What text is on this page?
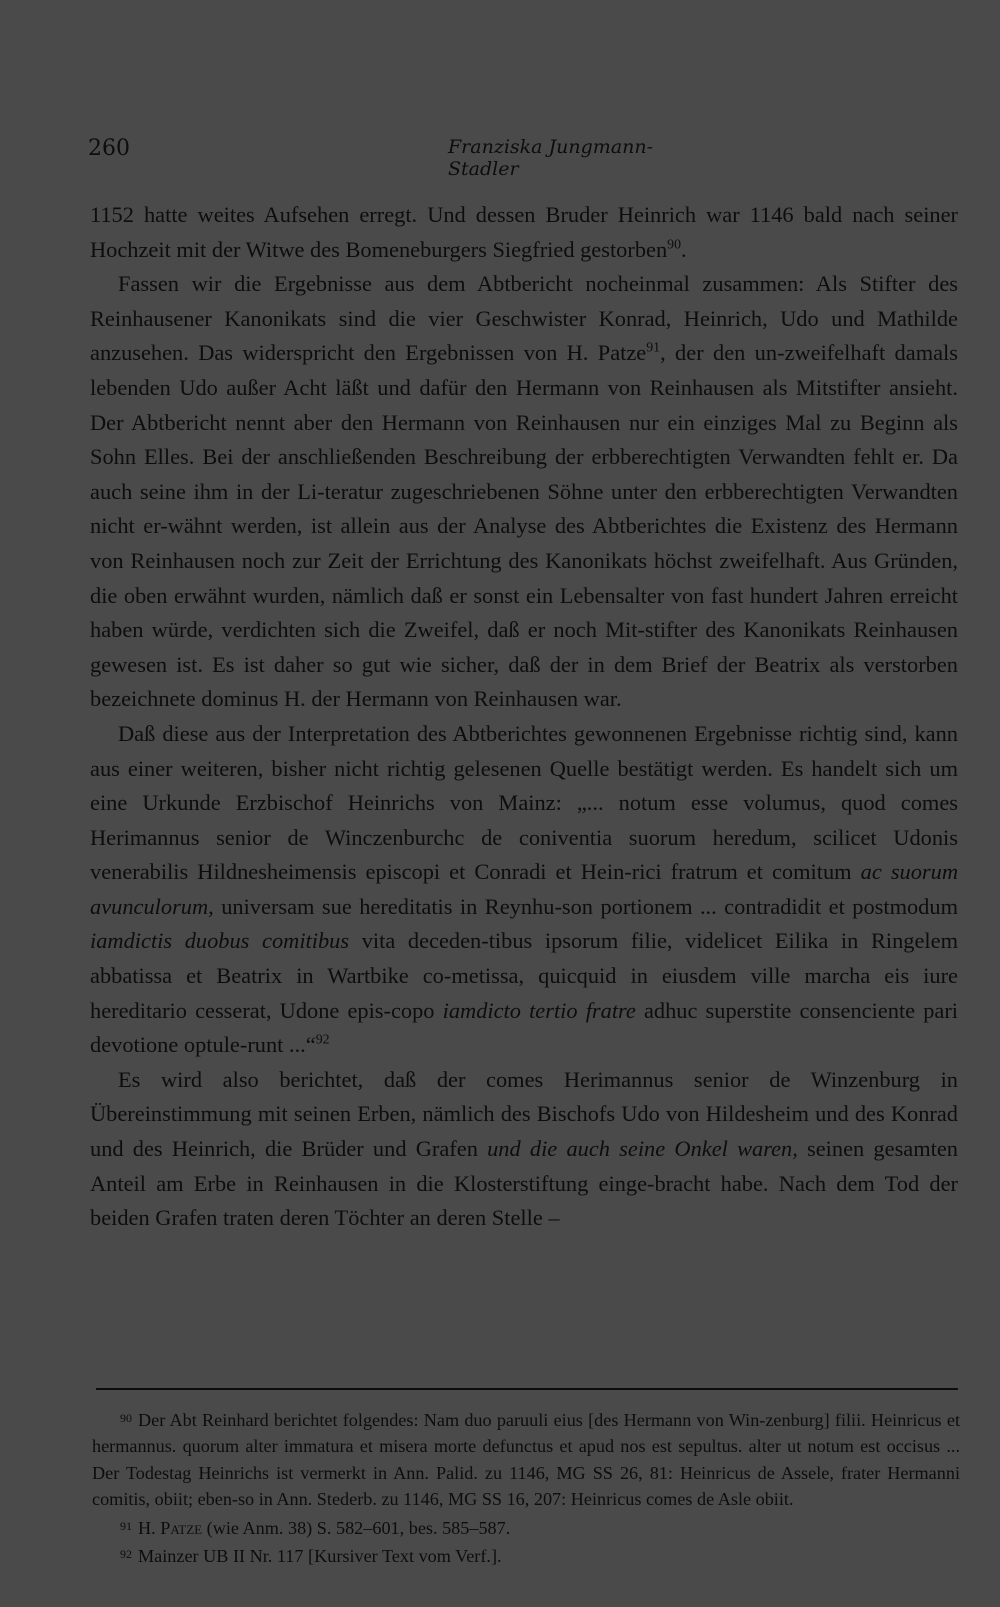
260	Franziska Jungmann-Stadler

1152 hatte weites Aufsehen erregt. Und dessen Bruder Heinrich war 1146 bald nach seiner Hochzeit mit der Witwe des Bomeneburgers Siegfried gestorben$^{90}$.

Fassen wir die Ergebnisse aus dem Abtbericht nocheinmal zusammen: Als Stifter des Reinhausener Kanonikats sind die vier Geschwister Konrad, Heinrich, Udo und Mathilde anzusehen. Das widerspricht den Ergebnissen von H. Patze$^{91}$, der den un-zweifelhaft damals lebenden Udo außer Acht läßt und dafür den Hermann von Reinhausen als Mitstifter ansieht. Der Abtbericht nennt aber den Hermann von Reinhausen nur ein einziges Mal zu Beginn als Sohn Elles. Bei der anschließenden Beschreibung der erbberechtigten Verwandten fehlt er. Da auch seine ihm in der Li-teratur zugeschriebenen Söhne unter den erbberechtigten Verwandten nicht er-wähnt werden, ist allein aus der Analyse des Abtberichtes die Existenz des Hermann von Reinhausen noch zur Zeit der Errichtung des Kanonikats höchst zweifelhaft. Aus Gründen, die oben erwähnt wurden, nämlich daß er sonst ein Lebensalter von fast hundert Jahren erreicht haben würde, verdichten sich die Zweifel, daß er noch Mit-stifter des Kanonikats Reinhausen gewesen ist. Es ist daher so gut wie sicher, daß der in dem Brief der Beatrix als verstorben bezeichnete dominus H. der Hermann von Reinhausen war.

Daß diese aus der Interpretation des Abtberichtes gewonnenen Ergebnisse richtig sind, kann aus einer weiteren, bisher nicht richtig gelesenen Quelle bestätigt werden. Es handelt sich um eine Urkunde Erzbischof Heinrichs von Mainz: „... notum esse volumus, quod comes Herimannus senior de Winczenburchc de coniventia suorum heredum, scilicet Udonis venerabilis Hildnesheimensis episcopi et Conradi et Hein-rici fratrum et comitum ac suorum avunculorum, universam sue hereditatis in Reynhu-son portionem ... contradidit et postmodum iamdictis duobus comitibus vita deceden-tibus ipsorum filie, videlicet Eilika in Ringelem abbatissa et Beatrix in Wartbike co-metissa, quicquid in eiusdem ville marcha eis iure hereditario cesserat, Udone epis-copo iamdicto tertio fratre adhuc superstite consenciente pari devotione optule-runt ...“$^{92}$

Es wird also berichtet, daß der comes Herimannus senior de Winzenburg in Übereinstimmung mit seinen Erben, nämlich des Bischofs Udo von Hildesheim und des Konrad und des Heinrich, die Brüder und Grafen und die auch seine Onkel waren, seinen gesamten Anteil am Erbe in Reinhausen in die Klosterstiftung einge-bracht habe. Nach dem Tod der beiden Grafen traten deren Töchter an deren Stelle –

$^{90}$ Der Abt Reinhard berichtet folgendes: Nam duo paruuli eius [des Hermann von Win-zenburg] filii. Heinricus et hermannus. quorum alter immatura et misera morte defunctus et apud nos est sepultus. alter ut notum est occisus ... Der Todestag Heinrichs ist vermerkt in Ann. Palid. zu 1146, MG SS 26, 81: Heinricus de Assele, frater Hermanni comitis, obiit; eben-so in Ann. Stederb. zu 1146, MG SS 16, 207: Heinricus comes de Asle obiit.

$^{91}$ H. Patze (wie Anm. 38) S. 582–601, bes. 585–587.

$^{92}$ Mainzer UB II Nr. 117 [Kursiver Text vom Verf.].
